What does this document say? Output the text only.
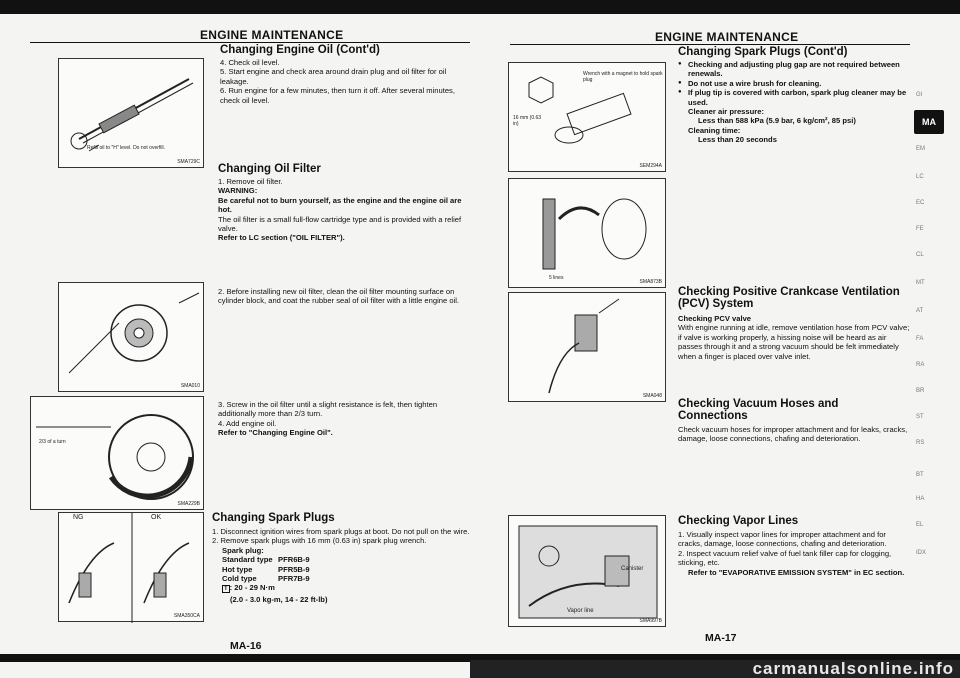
ENGINE MAINTENANCE
Refill oil to "H" level. Do not overfill.
SMA729C
Changing Engine Oil (Cont'd)

4. Check oil level.

5. Start engine and check area around drain plug and oil filter for oil leakage.

6. Run engine for a few minutes, then turn it off. After several minutes, check oil level.

Changing Oil Filter

1. Remove oil filter.

WARNING:

Be careful not to burn yourself, as the engine and the engine oil are hot.

The oil filter is a small full-flow cartridge type and is provided with a relief valve.

Refer to LC section ("OIL FILTER").

SMA010
2. Before installing new oil filter, clean the oil filter mounting surface on cylinder block, and coat the rubber seal of oil filter with a little engine oil.
2/3 of a turn
SMA229B

3. Screw in the oil filter until a slight resistance is felt, then tighten additionally more than 2/3 turn.

4. Add engine oil.

Refer to "Changing Engine Oil".

NG	OK
SMA350CA
Changing Spark Plugs

1. Disconnect ignition wires from spark plugs at boot. Do not pull on the wire.

2. Remove spark plugs with 16 mm (0.63 in) spark plug wrench.

Spark plug:

Standard type PFR6B-9
Hot type	PFR5B-9
Cold type	PFR7B-9

T : 20 - 29 N·m

(2.0 - 3.0 kg-m, 14 - 22 ft-lb)

MA-16
ENGINE MAINTENANCE
Wrench with a magnet to hold spark plug
16 mm (0.63 in)
SEM294A
5 lines
SMA873B
SMA048
Changing Spark Plugs (Cont'd)
● Checking and adjusting plug gap are not required between renewals.
● Do not use a wire brush for cleaning.
● If plug tip is covered with carbon, spark plug cleaner may be used.

Cleaner air pressure:

Less than 588 kPa (5.9 bar, 6 kg/cm², 85 psi)

Cleaning time:

Less than 20 seconds

Checking Positive Crankcase Ventilation (PCV) System

Checking PCV valve

With engine running at idle, remove ventilation hose from PCV valve; if valve is working properly, a hissing noise will be heard as air passes through it and a strong vacuum should be felt immediately when a finger is placed over valve inlet.

Checking Vacuum Hoses and Connections

Check vacuum hoses for improper attachment and for leaks, cracks, damage, loose connections, chafing and deterioration.

Canister
Vapor line
SMA997B
Checking Vapor Lines

1. Visually inspect vapor lines for improper attachment and for cracks, damage, loose connections, chafing and deterioration.

2. Inspect vacuum relief valve of fuel tank filler cap for clogging, sticking, etc.

Refer to "EVAPORATIVE EMISSION SYSTEM" in EC section.

MA-17
MA
GI
EM
LC
EC
FE
CL
MT
AT
FA
RA
BR
ST
RS
BT
HA
EL
IDX
carmanualsonline.info
